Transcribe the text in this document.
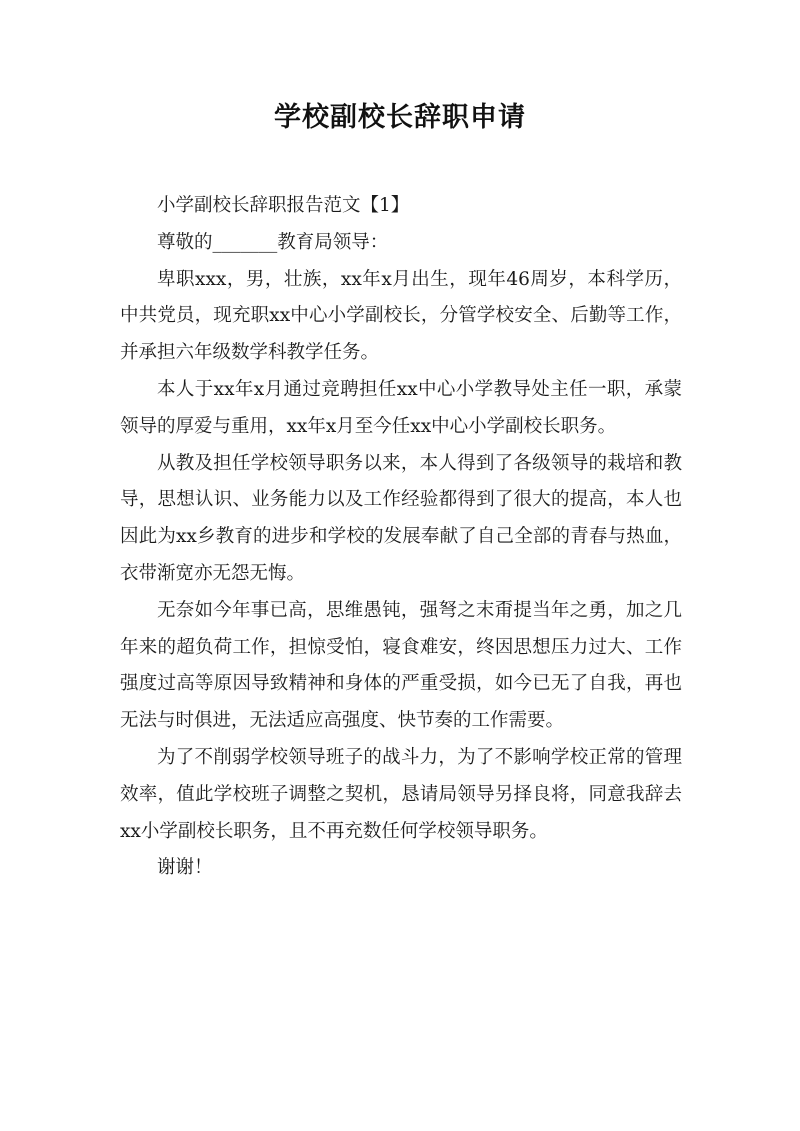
学校副校长辞职申请

小学副校长辞职报告范文【1】

尊敬的_______教育局领导：

卑职xxx，男，壮族，xx年x月出生，现年46周岁，本科学历，中共党员，现充职xx中心小学副校长，分管学校安全、后勤等工作，并承担六年级数学科教学任务。

本人于xx年x月通过竞聘担任xx中心小学教导处主任一职，承蒙领导的厚爱与重用，xx年x月至今任xx中心小学副校长职务。

从教及担任学校领导职务以来，本人得到了各级领导的栽培和教导，思想认识、业务能力以及工作经验都得到了很大的提高，本人也因此为xx乡教育的进步和学校的发展奉献了自己全部的青春与热血，衣带渐宽亦无怨无悔。

无奈如今年事已高，思维愚钝，强弩之末甭提当年之勇，加之几年来的超负荷工作，担惊受怕，寝食难安，终因思想压力过大、工作强度过高等原因导致精神和身体的严重受损，如今已无了自我，再也无法与时俱进，无法适应高强度、快节奏的工作需要。

为了不削弱学校领导班子的战斗力，为了不影响学校正常的管理效率，值此学校班子调整之契机，恳请局领导另择良将，同意我辞去xx小学副校长职务，且不再充数任何学校领导职务。

谢谢！
